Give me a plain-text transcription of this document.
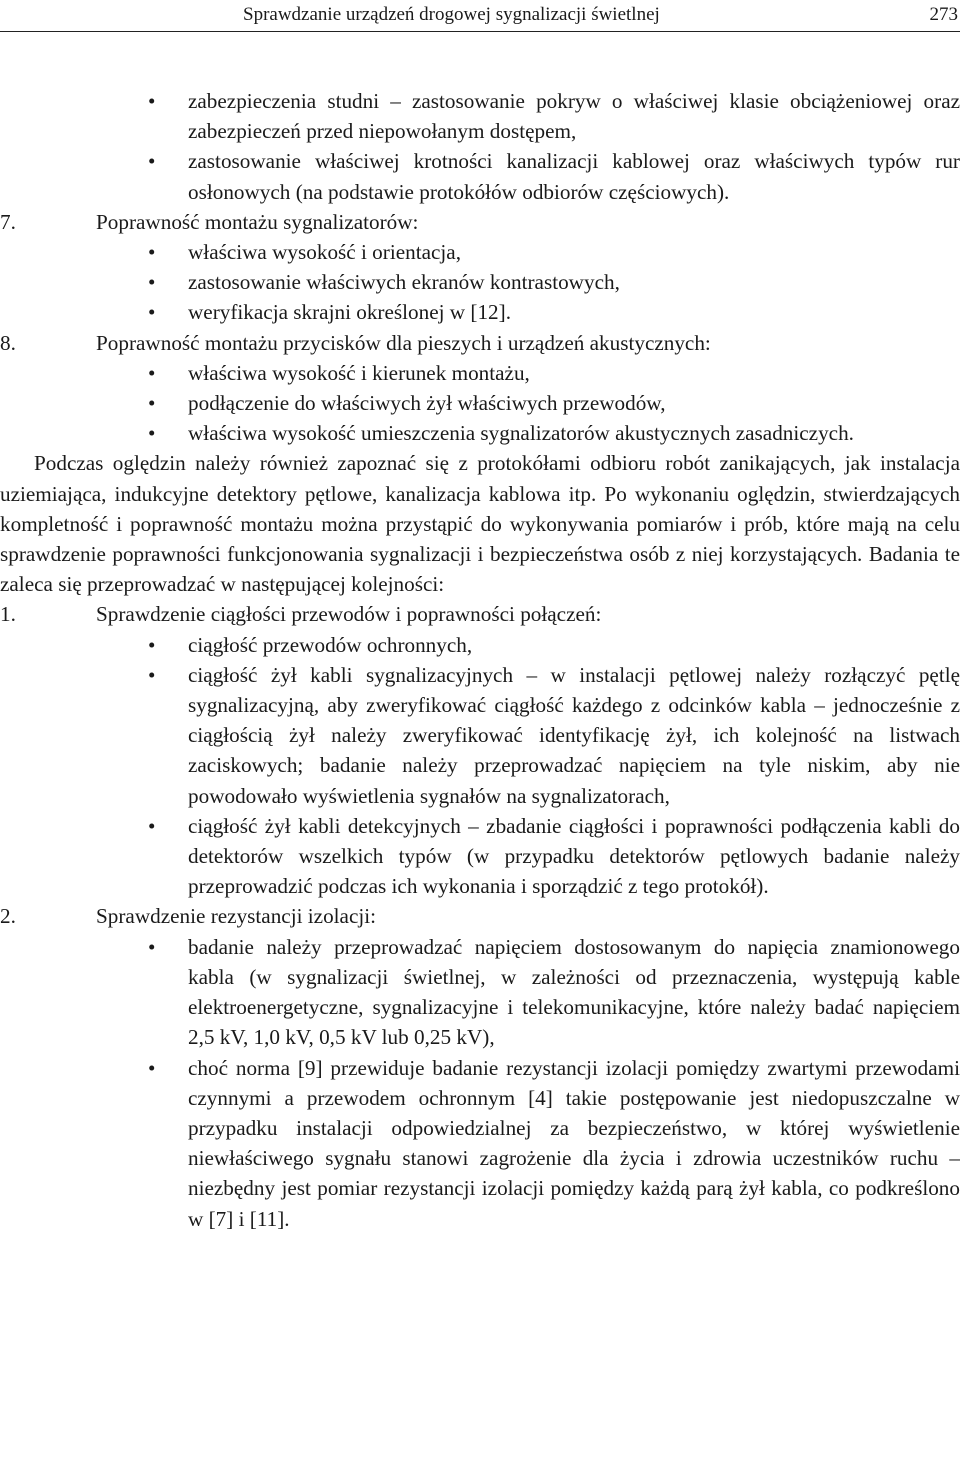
Sprawdzanie urządzeń drogowej sygnalizacji świetlnej	273

•	zabezpieczenia studni – zastosowanie pokryw o właściwej klasie obciążeniowej oraz zabezpieczeń przed niepowołanym dostępem,

•	zastosowanie właściwej krotności kanalizacji kablowej oraz właściwych typów rur osłonowych (na podstawie protokółów odbiorów częściowych).

7.	Poprawność montażu sygnalizatorów:

•	właściwa wysokość i orientacja,

•	zastosowanie właściwych ekranów kontrastowych,

•	weryfikacja skrajni określonej w [12].

8.	Poprawność montażu przycisków dla pieszych i urządzeń akustycznych:

•	właściwa wysokość i kierunek montażu,

•	podłączenie do właściwych żył właściwych przewodów,

•	właściwa wysokość umieszczenia sygnalizatorów akustycznych zasadniczych.

Podczas oględzin należy również zapoznać się z protokółami odbioru robót zanikających, jak instalacja uziemiająca, indukcyjne detektory pętlowe, kanalizacja kablowa itp. Po wykonaniu oględzin, stwierdzających kompletność i poprawność montażu można przystąpić do wykonywania pomiarów i prób, które mają na celu sprawdzenie poprawności funkcjonowania sygnalizacji i bezpieczeństwa osób z niej korzystających. Badania te zaleca się przeprowadzać w następującej kolejności:

1.	Sprawdzenie ciągłości przewodów i poprawności połączeń:

•	ciągłość przewodów ochronnych,

•	ciągłość żył kabli sygnalizacyjnych – w instalacji pętlowej należy rozłączyć pętlę sygnalizacyjną, aby zweryfikować ciągłość każdego z odcinków kabla – jednocześnie z ciągłością żył należy zweryfikować identyfikację żył, ich kolejność na listwach zaciskowych; badanie należy przeprowadzać napięciem na tyle niskim, aby nie powodowało wyświetlenia sygnałów na sygnalizatorach,

•	ciągłość żył kabli detekcyjnych – zbadanie ciągłości i poprawności podłączenia kabli do detektorów wszelkich typów (w przypadku detektorów pętlowych badanie należy przeprowadzić podczas ich wykonania i sporządzić z tego protokół).

2.	Sprawdzenie rezystancji izolacji:

•	badanie należy przeprowadzać napięciem dostosowanym do napięcia znamionowego kabla (w sygnalizacji świetlnej, w zależności od przeznaczenia, występują kable elektroenergetyczne, sygnalizacyjne i telekomunikacyjne, które należy badać napięciem 2,5 kV, 1,0 kV, 0,5 kV lub 0,25 kV),

•	choć norma [9] przewiduje badanie rezystancji izolacji pomiędzy zwartymi przewodami czynnymi a przewodem ochronnym [4] takie postępowanie jest niedopuszczalne w przypadku instalacji odpowiedzialnej za bezpieczeństwo, w której wyświetlenie niewłaściwego sygnału stanowi zagrożenie dla życia i zdrowia uczestników ruchu – niezbędny jest pomiar rezystancji izolacji pomiędzy każdą parą żył kabla, co podkreślono w [7] i [11].
